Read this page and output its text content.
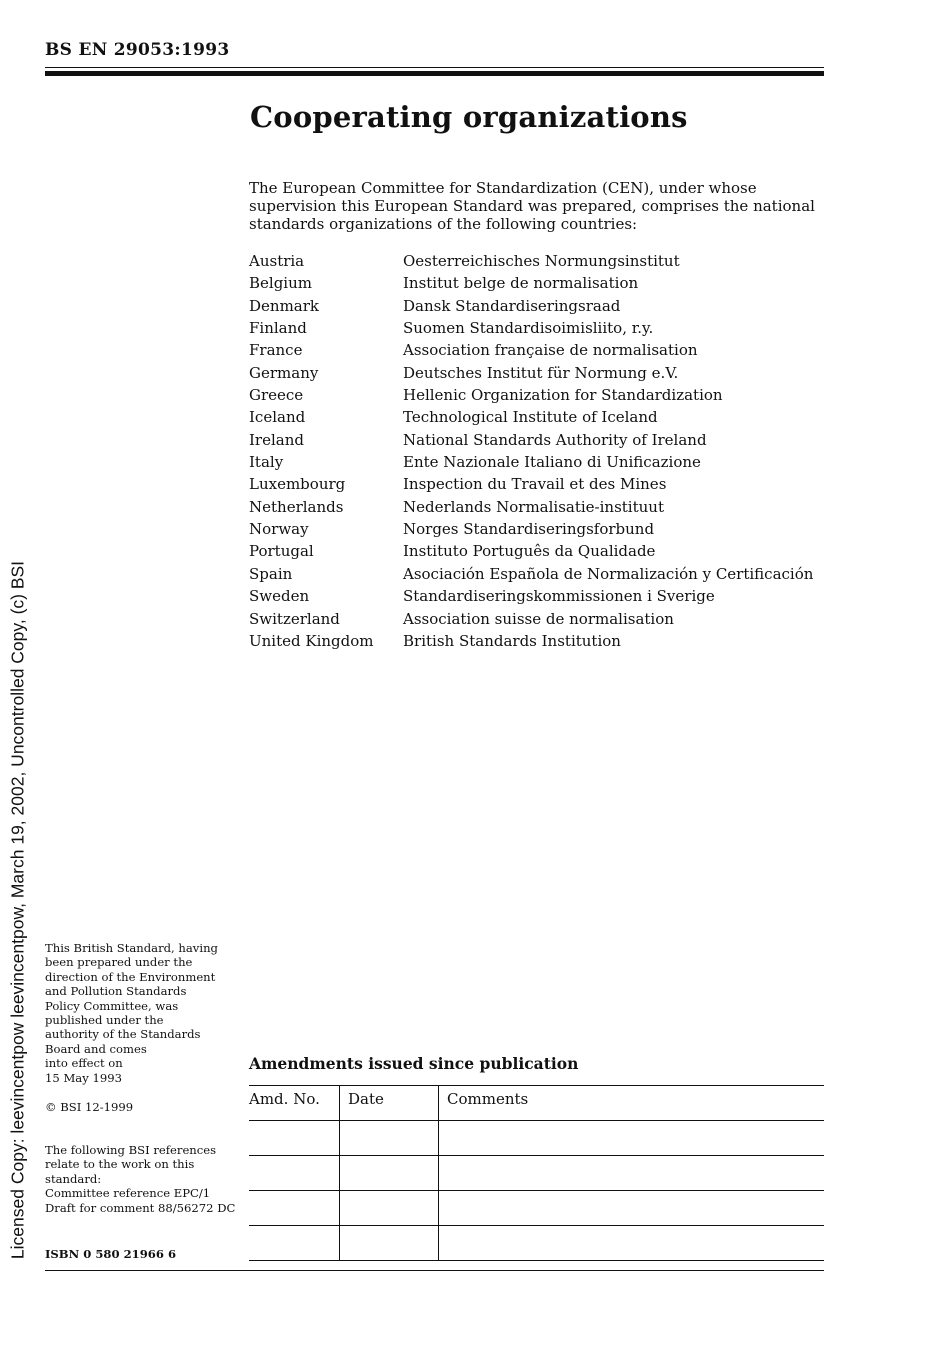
BS EN 29053:1993
Cooperating organizations

The European Committee for Standardization (CEN), under whose supervision this European Standard was prepared, comprises the national standards organizations of the following countries:

Austria	Oesterreichisches Normungsinstitut
Belgium	Institut belge de normalisation
Denmark	Dansk Standardiseringsraad
Finland	Suomen Standardisoimisliito, r.y.
France	Association française de normalisation
Germany	Deutsches Institut für Normung e.V.
Greece	Hellenic Organization for Standardization
Iceland	Technological Institute of Iceland
Ireland	National Standards Authority of Ireland
Italy	Ente Nazionale Italiano di Unificazione
Luxembourg	Inspection du Travail et des Mines
Netherlands	Nederlands Normalisatie-instituut
Norway	Norges Standardiseringsforbund
Portugal	Instituto Português da Qualidade
Spain	Asociación Española de Normalización y Certificación
Sweden	Standardiseringskommissionen i Sverige
Switzerland	Association suisse de normalisation
United Kingdom	British Standards Institution

This British Standard, having
been prepared under the
direction of the Environment
and Pollution Standards
Policy Committee, was
published under the
authority of the Standards
Board and comes
into effect on
15 May 1993

© BSI 12-1999

The following BSI references
relate to the work on this
standard:
Committee reference EPC/1
Draft for comment 88/56272 DC

ISBN 0 580 21966 6
Amendments issued since publication
Amd. No.	Date	Comments

Licensed Copy: leevincentpow leevincentpow, March 19, 2002, Uncontrolled Copy, (c) BSI
